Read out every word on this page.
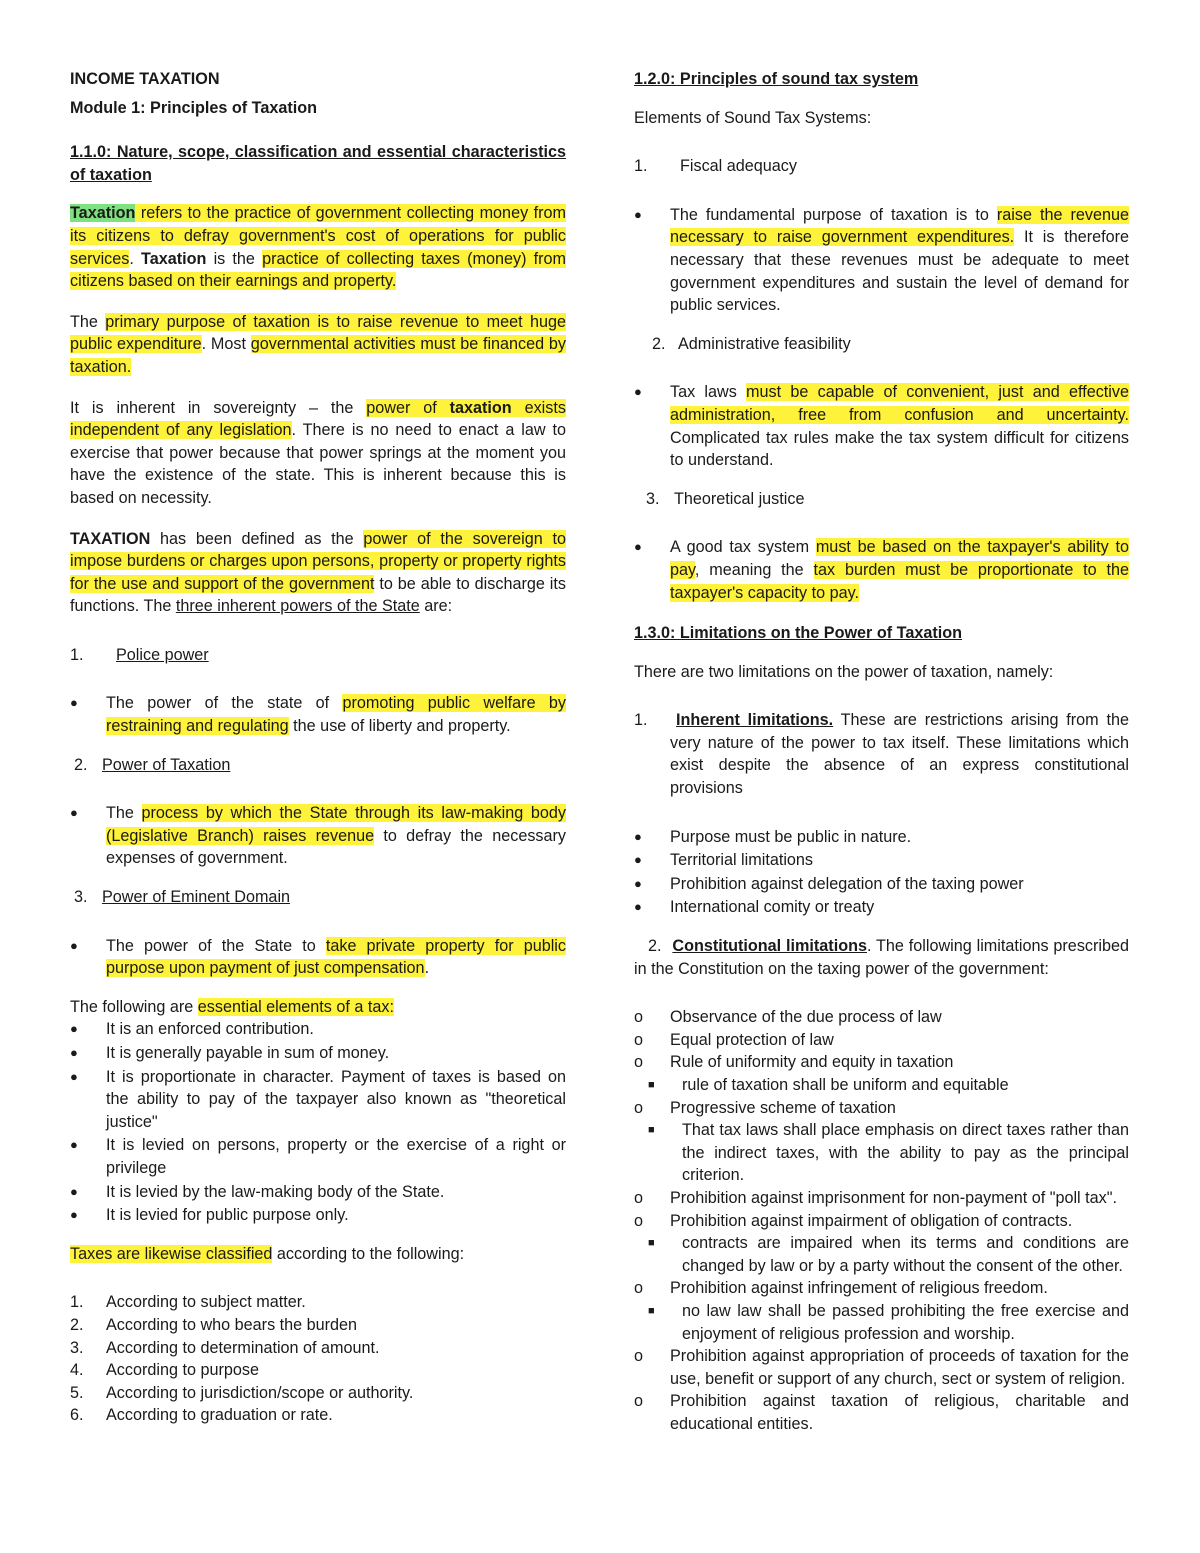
INCOME TAXATION
Module 1: Principles of Taxation
1.1.0: Nature, scope, classification and essential characteristics of taxation

Taxation refers to the practice of government collecting money from its citizens to defray government's cost of operations for public services. Taxation is the practice of collecting taxes (money) from citizens based on their earnings and property.

The primary purpose of taxation is to raise revenue to meet huge public expenditure. Most governmental activities must be financed by taxation.

It is inherent in sovereignty – the power of taxation exists independent of any legislation. There is no need to enact a law to exercise that power because that power springs at the moment you have the existence of the state. This is inherent because this is based on necessity.

TAXATION has been defined as the power of the sovereign to impose burdens or charges upon persons, property or property rights for the use and support of the government to be able to discharge its functions. The three inherent powers of the State are:

1.	Police power
● The power of the state of promoting public welfare by restraining and regulating the use of liberty and property.
2. Power of Taxation
● The process by which the State through its law-making body (Legislative Branch) raises revenue to defray the necessary expenses of government.
3. Power of Eminent Domain
● The power of the State to take private property for public purpose upon payment of just compensation.
The following are essential elements of a tax:
● It is an enforced contribution.
● It is generally payable in sum of money.
● It is proportionate in character. Payment of taxes is based on the ability to pay of the taxpayer also known as "theoretical justice"
● It is levied on persons, property or the exercise of a right or privilege
● It is levied by the law-making body of the State.
● It is levied for public purpose only.
Taxes are likewise classified according to the following:
1. According to subject matter.
2. According to who bears the burden
3. According to determination of amount.
4. According to purpose
5. According to jurisdiction/scope or authority.
6. According to graduation or rate.
1.2.0: Principles of sound tax system
Elements of Sound Tax Systems:
1.	Fiscal adequacy
● The fundamental purpose of taxation is to raise the revenue necessary to raise government expenditures. It is therefore necessary that these revenues must be adequate to meet government expenditures and sustain the level of demand for public services.
2. Administrative feasibility
● Tax laws must be capable of convenient, just and effective administration, free from confusion and uncertainty. Complicated tax rules make the tax system difficult for citizens to understand.
3. Theoretical justice
● A good tax system must be based on the taxpayer's ability to pay, meaning the tax burden must be proportionate to the taxpayer's capacity to pay.
1.3.0: Limitations on the Power of Taxation
There are two limitations on the power of taxation, namely:
1. Inherent limitations. These are restrictions arising from the very nature of the power to tax itself. These limitations which exist despite the absence of an express constitutional provisions
● Purpose must be public in nature.
● Territorial limitations
● Prohibition against delegation of the taxing power
● International comity or treaty
2. Constitutional limitations. The following limitations prescribed in the Constitution on the taxing power of the government:
o Observance of the due process of law
o Equal protection of law
o Rule of uniformity and equity in taxation
■ rule of taxation shall be uniform and equitable
o Progressive scheme of taxation
■ That tax laws shall place emphasis on direct taxes rather than the indirect taxes, with the ability to pay as the principal criterion.
o Prohibition against imprisonment for non-payment of "poll tax".
o Prohibition against impairment of obligation of contracts.
■ contracts are impaired when its terms and conditions are changed by law or by a party without the consent of the other.
o Prohibition against infringement of religious freedom.
■ no law law shall be passed prohibiting the free exercise and enjoyment of religious profession and worship.
o Prohibition against appropriation of proceeds of taxation for the use, benefit or support of any church, sect or system of religion.
o Prohibition against taxation of religious, charitable and educational entities.
